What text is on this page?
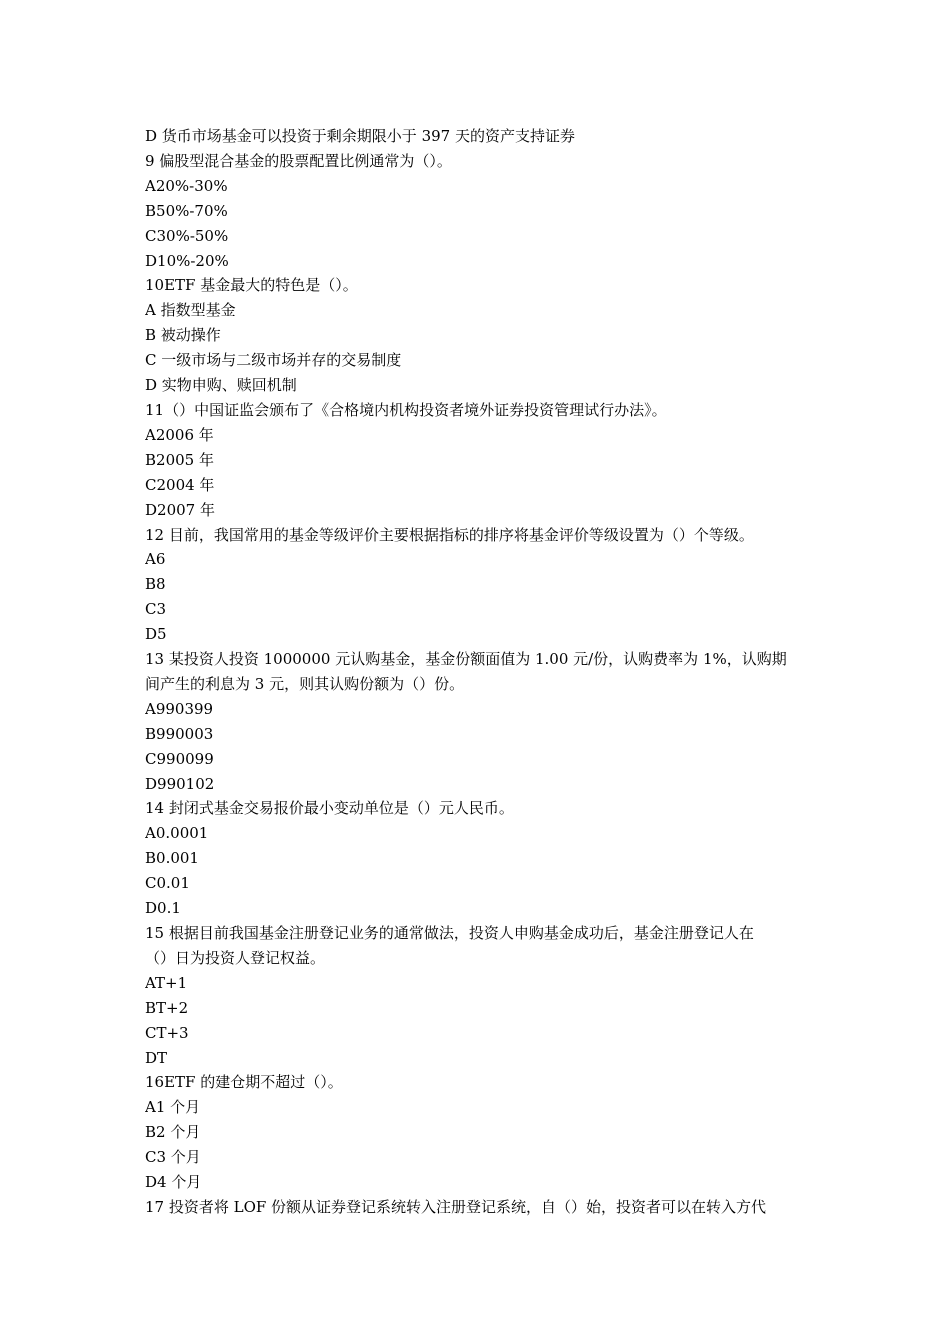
D 货币市场基金可以投资于剩余期限小于 397 天的资产支持证券

9 偏股型混合基金的股票配置比例通常为（）。

A20%-30%

B50%-70%

C30%-50%

D10%-20%

10ETF 基金最大的特色是（）。

A 指数型基金

B 被动操作

C 一级市场与二级市场并存的交易制度

D 实物申购、赎回机制

11（）中国证监会颁布了《合格境内机构投资者境外证券投资管理试行办法》。

A2006 年

B2005 年

C2004 年

D2007 年

12 目前，我国常用的基金等级评价主要根据指标的排序将基金评价等级设置为（）个等级。

A6

B8

C3

D5

13 某投资人投资 1000000 元认购基金，基金份额面值为 1.00 元/份，认购费率为 1%，认购期

间产生的利息为 3 元，则其认购份额为（）份。

A990399

B990003

C990099

D990102

14 封闭式基金交易报价最小变动单位是（）元人民币。

A0.0001

B0.001

C0.01

D0.1

15 根据目前我国基金注册登记业务的通常做法，投资人申购基金成功后，基金注册登记人在

（）日为投资人登记权益。

AT+1

BT+2

CT+3

DT

16ETF 的建仓期不超过（）。

A1 个月

B2 个月

C3 个月

D4 个月

17 投资者将 LOF 份额从证券登记系统转入注册登记系统，自（）始，投资者可以在转入方代
